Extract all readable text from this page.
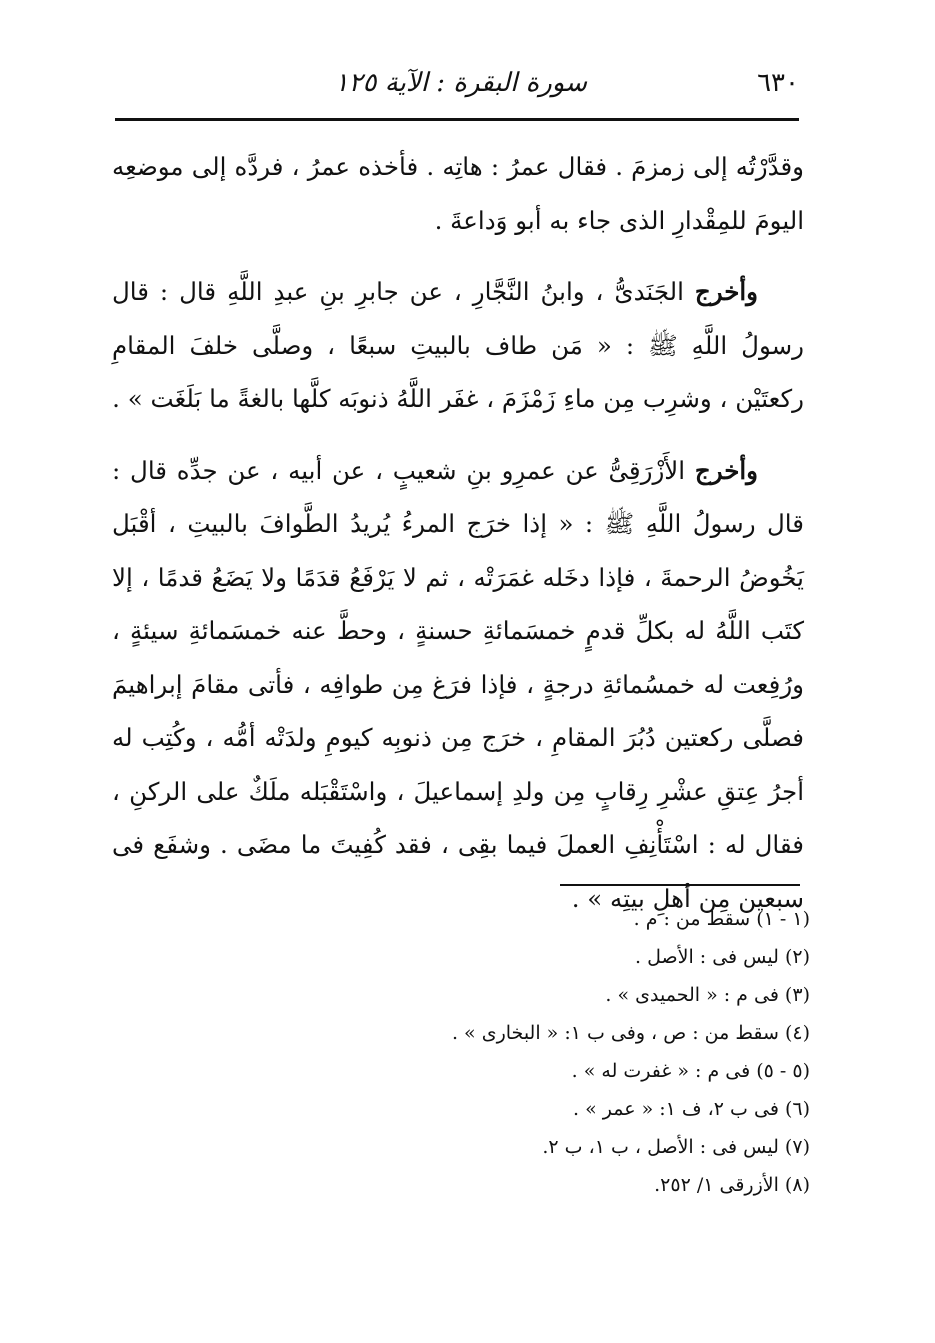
٦٣٠
سورة البقرة : الآية ١٢٥

وقدَّرْتُه إلى زمزمَ . فقال عمرُ : هاتِه . فأخذه عمرُ ، فردَّه إلى موضعِه اليومَ للمِقْدارِ الذى جاء به أبو وَداعةَ .

وأخرج الجَنَدىُّ ، وابنُ النَّجَّارِ ، عن جابرِ بنِ عبدِ اللَّهِ قال : قال رسولُ اللَّهِ ﷺ : « مَن طاف بالبيتِ سبعًا ، وصلَّى خلفَ المقامِ ركعتَيْن ، وشرِب مِن ماءِ زَمْزَمَ ، غفَر اللَّهُ ذنوبَه كلَّها بالغةً ما بَلَغَت » .

وأخرج الأَزْرَقِىُّ عن عمرِو بنِ شعيبٍ ، عن أبيه ، عن جدِّه قال : قال رسولُ اللَّهِ ﷺ : « إذا خرَج المرءُ يُريدُ الطَّوافَ بالبيتِ ، أقْبَل يَخُوضُ الرحمةَ ، فإذا دخَله غمَرَتْه ، ثم لا يَرْفَعُ قدَمًا ولا يَضَعُ قدمًا ، إلا كتَب اللَّهُ له بكلِّ قدمٍ خمسَمائةِ حسنةٍ ، وحطَّ عنه خمسَمائةِ سيئةٍ ، ورُفِعت له خمسُمائةِ درجةٍ ، فإذا فرَغ مِن طوافِه ، فأتى مقامَ إبراهيمَ فصلَّى ركعتين دُبُرَ المقامِ ، خرَج مِن ذنوبِه كيومِ ولدَتْه أمُّه ، وكُتِب له أجرُ عِتقِ عشْرِ رِقابٍ مِن ولدِ إسماعيلَ ، واسْتَقْبَله ملَكٌ على الركنِ ، فقال له : اسْتَأْنِفِ العملَ فيما بقِى ، فقد كُفِيتَ ما مضَى . وشفَع فى سبعين مِن أهلِ بيتِه » .

(١ - ١) سقط من : م .

(٢) ليس فى : الأصل .

(٣) فى م : « الحميدى » .

(٤) سقط من : ص ، وفى ب ١: « البخارى » .

(٥ - ٥) فى م : « غفرت له » .

(٦) فى ب ٢، ف ١: « عمر » .

(٧) ليس فى : الأصل ، ب ١، ب ٢.

(٨) الأزرقى ١/ ٢٥٢.
